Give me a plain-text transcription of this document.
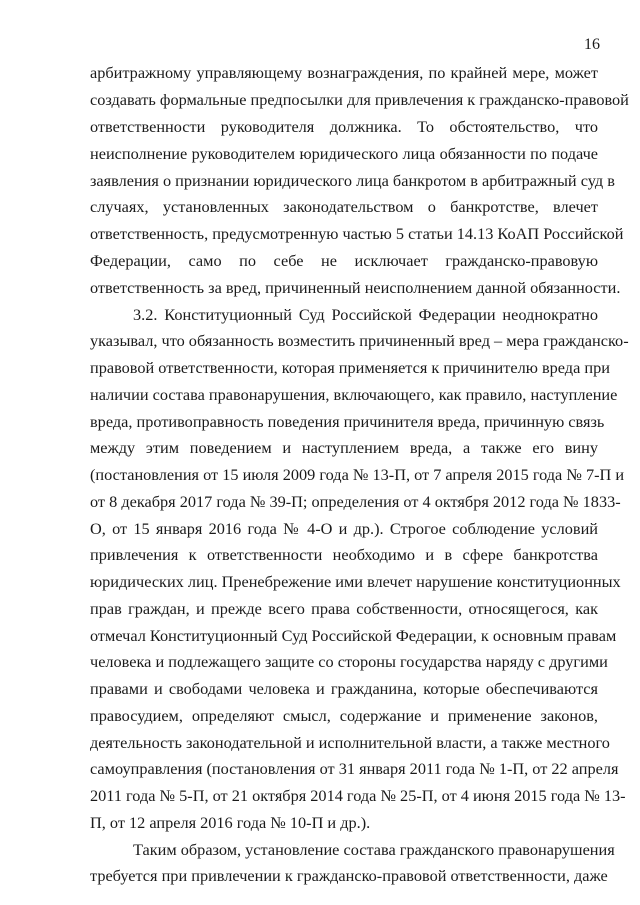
16
арбитражному управляющему вознаграждения, по крайней мере, может
создавать формальные предпосылки для привлечения к гражданско-правовой
ответственности руководителя должника. То обстоятельство, что
неисполнение руководителем юридического лица обязанности по подаче
заявления о признании юридического лица банкротом в арбитражный суд в
случаях, установленных законодательством о банкротстве, влечет
ответственность, предусмотренную частью 5 статьи 14.13 КоАП Российской
Федерации, само по себе не исключает гражданско-правовую
ответственность за вред, причиненный неисполнением данной обязанности.
3.2. Конституционный Суд Российской Федерации неоднократно
указывал, что обязанность возместить причиненный вред – мера гражданско-
правовой ответственности, которая применяется к причинителю вреда при
наличии состава правонарушения, включающего, как правило, наступление
вреда, противоправность поведения причинителя вреда, причинную связь
между этим поведением и наступлением вреда, а также его вину
(постановления от 15 июля 2009 года № 13-П, от 7 апреля 2015 года № 7-П и
от 8 декабря 2017 года № 39-П; определения от 4 октября 2012 года № 1833-
О, от 15 января 2016 года № 4-О и др.). Строгое соблюдение условий
привлечения к ответственности необходимо и в сфере банкротства
юридических лиц. Пренебрежение ими влечет нарушение конституционных
прав граждан, и прежде всего права собственности, относящегося, как
отмечал Конституционный Суд Российской Федерации, к основным правам
человека и подлежащего защите со стороны государства наряду с другими
правами и свободами человека и гражданина, которые обеспечиваются
правосудием, определяют смысл, содержание и применение законов,
деятельность законодательной и исполнительной власти, а также местного
самоуправления (постановления от 31 января 2011 года № 1-П, от 22 апреля
2011 года № 5-П, от 21 октября 2014 года № 25-П, от 4 июня 2015 года № 13-
П, от 12 апреля 2016 года № 10-П и др.).
Таким образом, установление состава гражданского правонарушения
требуется при привлечении к гражданско-правовой ответственности, даже
